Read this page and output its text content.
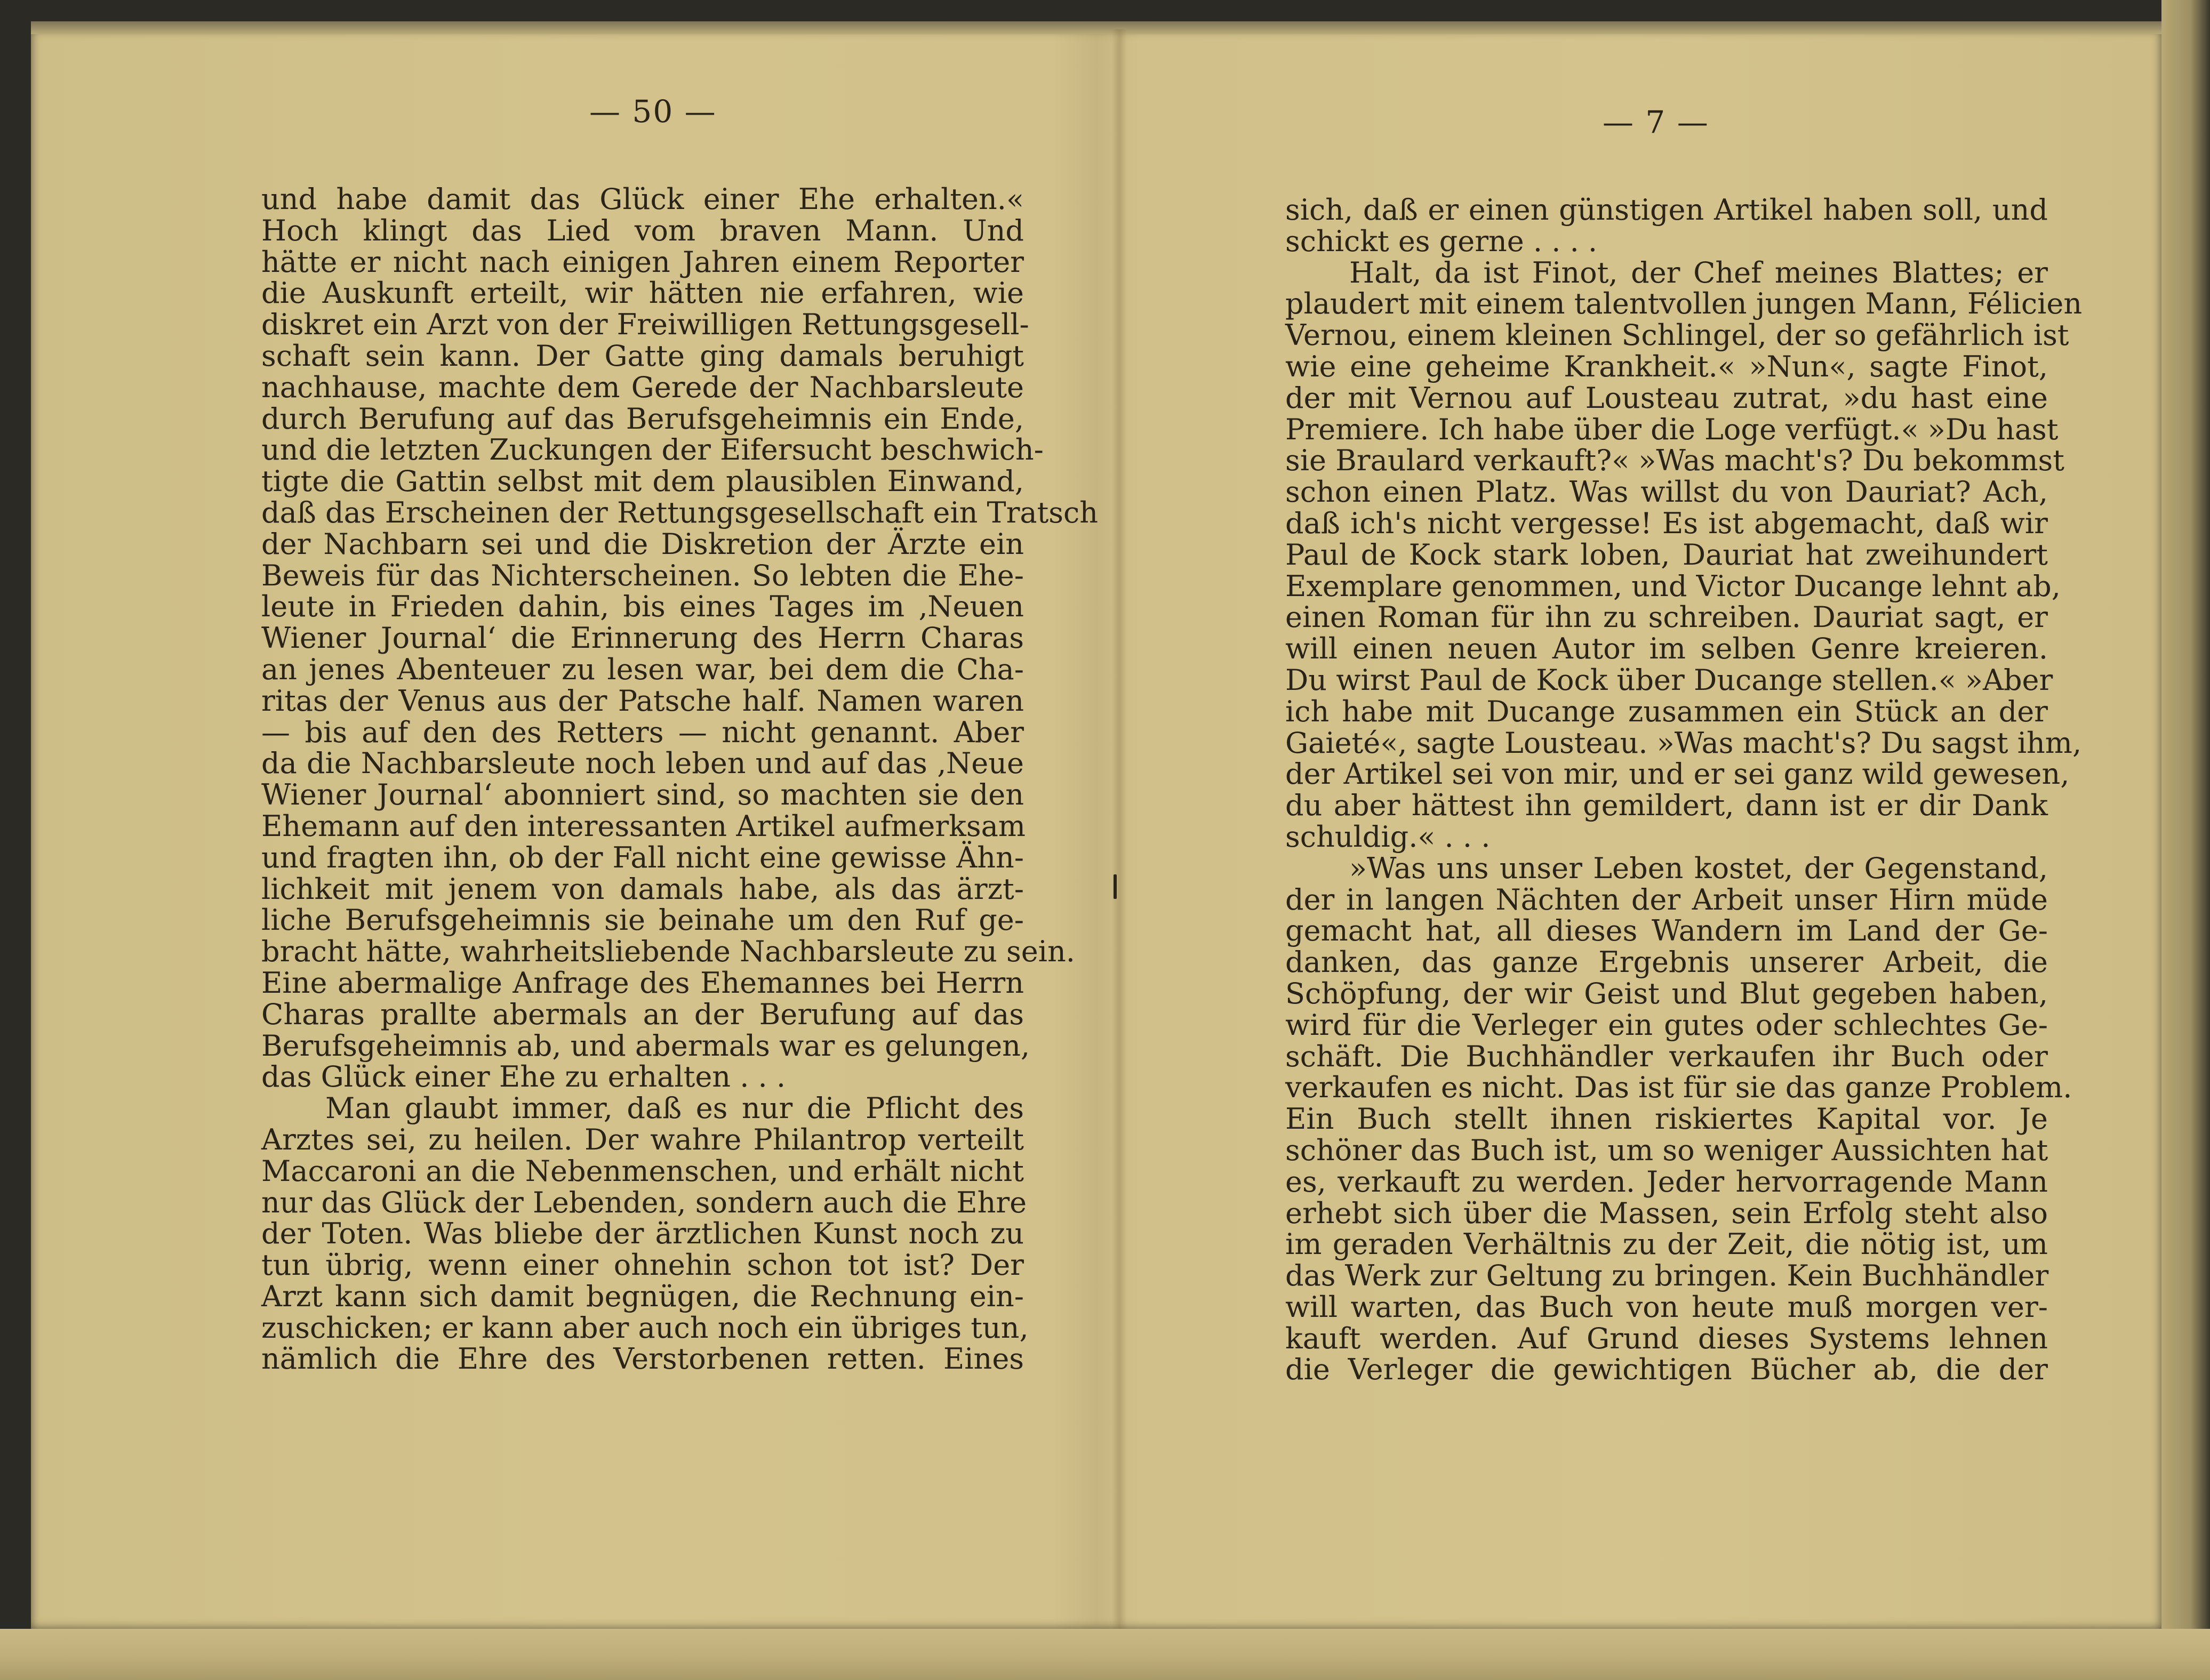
— 50 —	— 7 —
und habe damit das Glück einer Ehe erhalten.«
Hoch klingt das Lied vom braven Mann. Und
hätte er nicht nach einigen Jahren einem Reporter
die Auskunft erteilt, wir hätten nie erfahren, wie
diskret ein Arzt von der Freiwilligen Rettungsgesell-
schaft sein kann. Der Gatte ging damals beruhigt
nachhause, machte dem Gerede der Nachbarsleute
durch Berufung auf das Berufsgeheimnis ein Ende,
und die letzten Zuckungen der Eifersucht beschwich-
tigte die Gattin selbst mit dem plausiblen Einwand,
daß das Erscheinen der Rettungsgesellschaft ein Tratsch
der Nachbarn sei und die Diskretion der Ärzte ein
Beweis für das Nichterscheinen. So lebten die Ehe-
leute in Frieden dahin, bis eines Tages im ‚Neuen
Wiener Journal‘ die Erinnerung des Herrn Charas
an jenes Abenteuer zu lesen war, bei dem die Cha-
ritas der Venus aus der Patsche half. Namen waren
— bis auf den des Retters — nicht genannt. Aber
da die Nachbarsleute noch leben und auf das ‚Neue
Wiener Journal‘ abonniert sind, so machten sie den
Ehemann auf den interessanten Artikel aufmerksam
und fragten ihn, ob der Fall nicht eine gewisse Ähn-
lichkeit mit jenem von damals habe, als das ärzt-
liche Berufsgeheimnis sie beinahe um den Ruf ge-
bracht hätte, wahrheitsliebende Nachbarsleute zu sein.
Eine abermalige Anfrage des Ehemannes bei Herrn
Charas prallte abermals an der Berufung auf das
Berufsgeheimnis ab, und abermals war es gelungen,
das Glück einer Ehe zu erhalten . . .
Man glaubt immer, daß es nur die Pflicht des
Arztes sei, zu heilen. Der wahre Philantrop verteilt
Maccaroni an die Nebenmenschen, und erhält nicht
nur das Glück der Lebenden, sondern auch die Ehre
der Toten. Was bliebe der ärztlichen Kunst noch zu
tun übrig, wenn einer ohnehin schon tot ist? Der
Arzt kann sich damit begnügen, die Rechnung ein-
zuschicken; er kann aber auch noch ein übriges tun,
nämlich die Ehre des Verstorbenen retten. Eines
sich, daß er einen günstigen Artikel haben soll, und
schickt es gerne . . . .
Halt, da ist Finot, der Chef meines Blattes; er
plaudert mit einem talentvollen jungen Mann, Félicien
Vernou, einem kleinen Schlingel, der so gefährlich ist
wie eine geheime Krankheit.« »Nun«, sagte Finot,
der mit Vernou auf Lousteau zutrat, »du hast eine
Premiere. Ich habe über die Loge verfügt.« »Du hast
sie Braulard verkauft?« »Was macht's? Du bekommst
schon einen Platz. Was willst du von Dauriat? Ach,
daß ich's nicht vergesse! Es ist abgemacht, daß wir
Paul de Kock stark loben, Dauriat hat zweihundert
Exemplare genommen, und Victor Ducange lehnt ab,
einen Roman für ihn zu schreiben. Dauriat sagt, er
will einen neuen Autor im selben Genre kreieren.
Du wirst Paul de Kock über Ducange stellen.« »Aber
ich habe mit Ducange zusammen ein Stück an der
Gaieté«, sagte Lousteau. »Was macht's? Du sagst ihm,
der Artikel sei von mir, und er sei ganz wild gewesen,
du aber hättest ihn gemildert, dann ist er dir Dank
schuldig.« . . .
»Was uns unser Leben kostet, der Gegenstand,
der in langen Nächten der Arbeit unser Hirn müde
gemacht hat, all dieses Wandern im Land der Ge-
danken, das ganze Ergebnis unserer Arbeit, die
Schöpfung, der wir Geist und Blut gegeben haben,
wird für die Verleger ein gutes oder schlechtes Ge-
schäft. Die Buchhändler verkaufen ihr Buch oder
verkaufen es nicht. Das ist für sie das ganze Problem.
Ein Buch stellt ihnen riskiertes Kapital vor. Je
schöner das Buch ist, um so weniger Aussichten hat
es, verkauft zu werden. Jeder hervorragende Mann
erhebt sich über die Massen, sein Erfolg steht also
im geraden Verhältnis zu der Zeit, die nötig ist, um
das Werk zur Geltung zu bringen. Kein Buchhändler
will warten, das Buch von heute muß morgen ver-
kauft werden. Auf Grund dieses Systems lehnen
die Verleger die gewichtigen Bücher ab, die der
